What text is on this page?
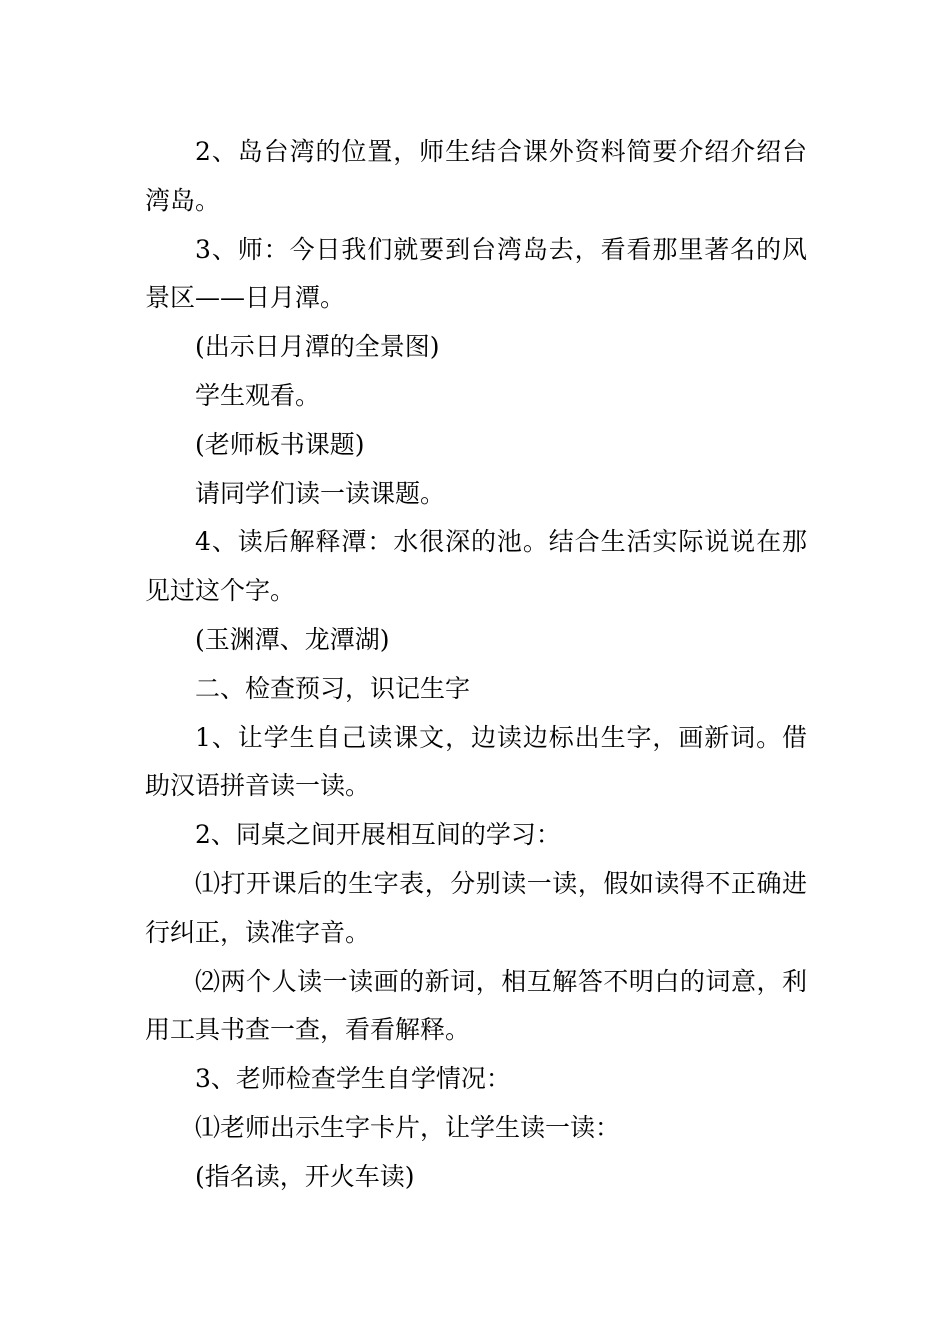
2、岛台湾的位置，师生结合课外资料简要介绍介绍台湾岛。

3、师：今日我们就要到台湾岛去，看看那里著名的风景区——日月潭。

(出示日月潭的全景图)

学生观看。

(老师板书课题)

请同学们读一读课题。

4、读后解释潭：水很深的池。结合生活实际说说在那见过这个字。

(玉渊潭、龙潭湖)

二、检查预习，识记生字

1、让学生自己读课文，边读边标出生字，画新词。借助汉语拼音读一读。

2、同桌之间开展相互间的学习：

⑴打开课后的生字表，分别读一读，假如读得不正确进行纠正，读准字音。

⑵两个人读一读画的新词，相互解答不明白的词意，利用工具书查一查，看看解释。

3、老师检查学生自学情况：

⑴老师出示生字卡片，让学生读一读：

(指名读，开火车读)
